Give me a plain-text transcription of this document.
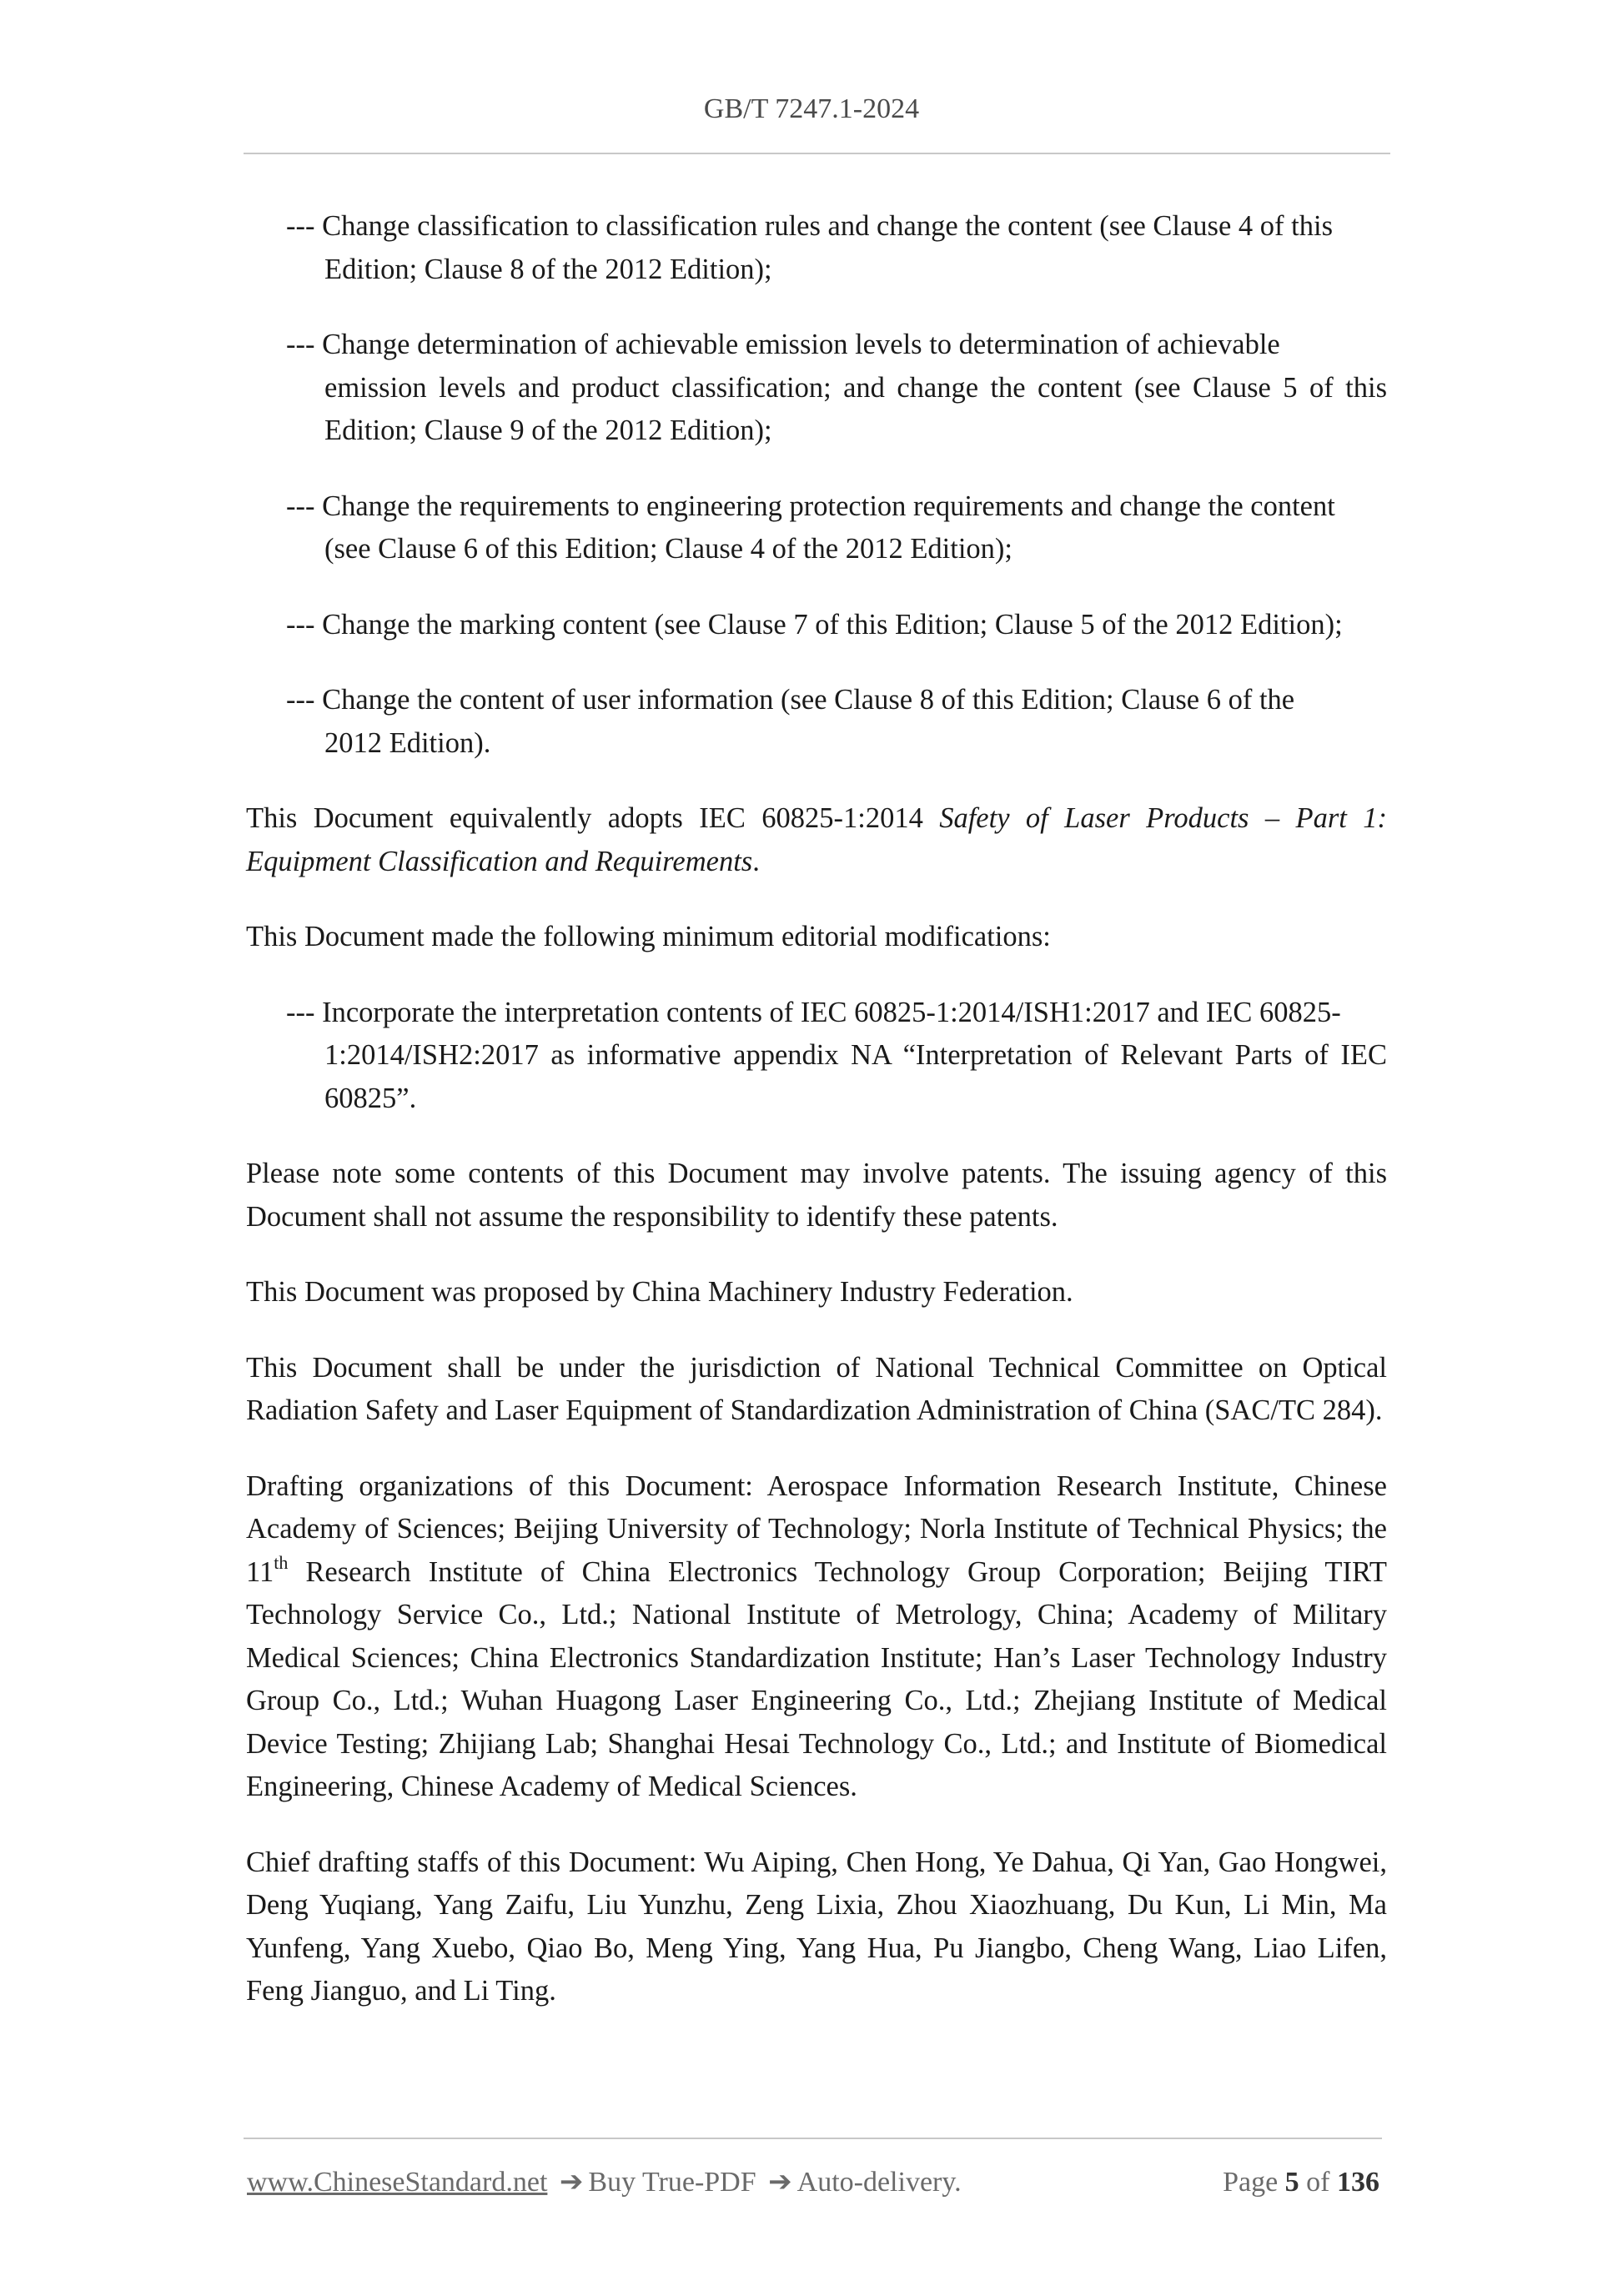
GB/T 7247.1-2024
--- Change classification to classification rules and change the content (see Clause 4 of this
Edition; Clause 8 of the 2012 Edition);
--- Change determination of achievable emission levels to determination of achievable
emission levels and product classification; and change the content (see Clause 5 of this Edition; Clause 9 of the 2012 Edition);
--- Change the requirements to engineering protection requirements and change the content
(see Clause 6 of this Edition; Clause 4 of the 2012 Edition);
--- Change the marking content (see Clause 7 of this Edition; Clause 5 of the 2012 Edition);
--- Change the content of user information (see Clause 8 of this Edition; Clause 6 of the
2012 Edition).

This Document equivalently adopts IEC 60825-1:2014 Safety of Laser Products – Part 1: Equipment Classification and Requirements.

This Document made the following minimum editorial modifications:

--- Incorporate the interpretation contents of IEC 60825-1:2014/ISH1:2017 and IEC 60825-
1:2014/ISH2:2017 as informative appendix NA “Interpretation of Relevant Parts of IEC 60825”.

Please note some contents of this Document may involve patents. The issuing agency of this Document shall not assume the responsibility to identify these patents.

This Document was proposed by China Machinery Industry Federation.

This Document shall be under the jurisdiction of National Technical Committee on Optical Radiation Safety and Laser Equipment of Standardization Administration of China (SAC/TC 284).

Drafting organizations of this Document: Aerospace Information Research Institute, Chinese Academy of Sciences; Beijing University of Technology; Norla Institute of Technical Physics; the 11th Research Institute of China Electronics Technology Group Corporation; Beijing TIRT Technology Service Co., Ltd.; National Institute of Metrology, China; Academy of Military Medical Sciences; China Electronics Standardization Institute; Han’s Laser Technology Industry Group Co., Ltd.; Wuhan Huagong Laser Engineering Co., Ltd.; Zhejiang Institute of Medical Device Testing; Zhijiang Lab; Shanghai Hesai Technology Co., Ltd.; and Institute of Biomedical Engineering, Chinese Academy of Medical Sciences.

Chief drafting staffs of this Document: Wu Aiping, Chen Hong, Ye Dahua, Qi Yan, Gao Hongwei, Deng Yuqiang, Yang Zaifu, Liu Yunzhu, Zeng Lixia, Zhou Xiaozhuang, Du Kun, Li Min, Ma Yunfeng, Yang Xuebo, Qiao Bo, Meng Ying, Yang Hua, Pu Jiangbo, Cheng Wang, Liao Lifen, Feng Jianguo, and Li Ting.

www.ChineseStandard.net ➔ Buy True-PDF ➔ Auto-delivery.	Page 5 of 136
